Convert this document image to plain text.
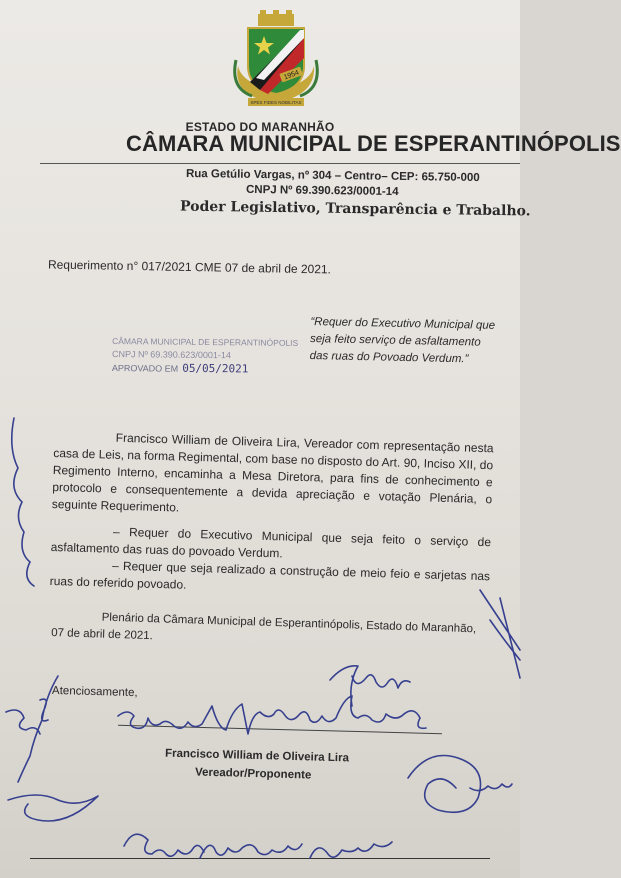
1954
SPES FIDES NOBILITAS
ESTADO DO MARANHÃO
CÂMARA MUNICIPAL DE ESPERANTINÓPOLIS
Rua Getúlio Vargas, nº 304 – Centro– CEP: 65.750-000
CNPJ Nº 69.390.623/0001-14
Poder Legislativo, Transparência e Trabalho.
Requerimento n° 017/2021 CME 07 de abril de 2021.
“Requer do Executivo Municipal que seja feito serviço de asfaltamento das ruas do Povoado Verdum.”
CÂMARA MUNICIPAL DE ESPERANTINÓPOLIS
CNPJ Nº 69.390.623/0001-14
APROVADO EM 05/05/2021

Francisco William de Oliveira Lira, Vereador com representação nesta casa de Leis, na forma Regimental, com base no disposto do Art. 90, Inciso XII, do Regimento Interno, encaminha a Mesa Diretora, para fins de conhecimento e protocolo e consequentemente a devida apreciação e votação Plenária, o seguinte Requerimento.

– Requer do Executivo Municipal que seja feito o serviço de asfaltamento das ruas do povoado Verdum.

– Requer que seja realizado a construção de meio feio e sarjetas nas ruas do referido povoado.

Plenário da Câmara Municipal de Esperantinópolis, Estado do Maranhão, 07 de abril de 2021.

Atenciosamente,
Francisco William de Oliveira Lira
Vereador/Proponente
